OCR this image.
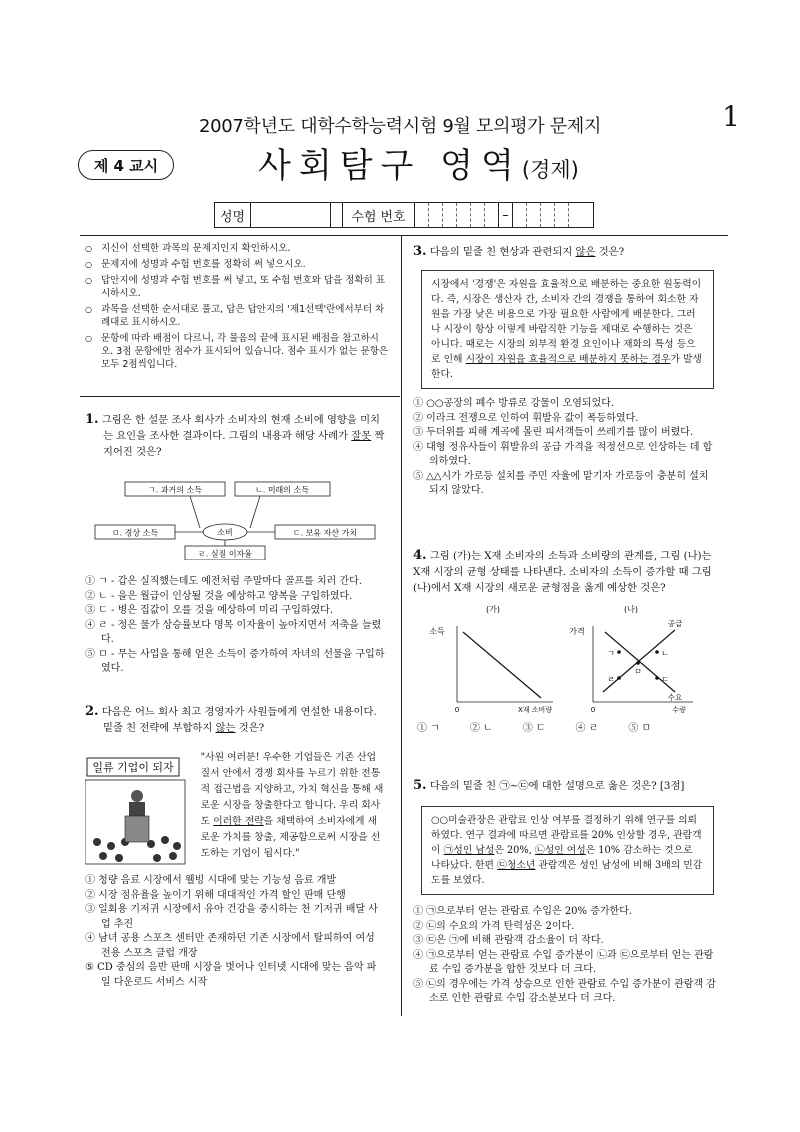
2007학년도 대학수학능력시험 9월 모의평가 문제지	1
제 4 교시	사회탐구 영역(경제)
성명	수험 번호	–
○ 지신이 선택한 과목의 문제지인지 확인하시오.
○ 문제지에 성명과 수험 번호를 정확히 써 넣으시오.
○ 답안지에 성명과 수험 번호를 써 넣고, 또 수험 번호와 답을 정확히 표시하시오.
○ 과목을 선택한 순서대로 풀고, 답은 답안지의 '제1선택'란에서부터 차례대로 표시하시오.
○ 문항에 따라 배점이 다르니, 각 물음의 끝에 표시된 배점을 참고하시오. 3점 문항에만 점수가 표시되어 있습니다. 점수 표시가 없는 문항은 모두 2점씩입니다.
1. 그림은 한 설문 조사 회사가 소비자의 현재 소비에 영향을 미치는 요인을 조사한 결과이다. 그림의 내용과 해당 사례가 잘못 짝지어진 것은?
ㄱ. 과거의 소득	ㄴ. 미래의 소득
소비
ㅁ. 경상 소득	ㄷ. 보유 자산 가치
ㄹ. 실질 이자율
① ㄱ - 갑은 실직했는데도 예전처럼 주말마다 골프를 치러 간다.
② ㄴ - 을은 월급이 인상될 것을 예상하고 양복을 구입하였다.
③ ㄷ - 병은 집값이 오를 것을 예상하여 미리 구입하였다.
④ ㄹ - 정은 물가 상승률보다 명목 이자율이 높아지면서 저축을 늘렸다.
⑤ ㅁ - 무는 사업을 통해 얻은 소득이 증가하여 자녀의 선물을 구입하였다.
2. 다음은 어느 회사 최고 경영자가 사원들에게 연설한 내용이다. 밑줄 친 전략에 부합하지 않는 것은?
일류 기업이 되자
"사원 여러분! 우수한 기업들은 기존 산업 질서 안에서 경쟁 회사를 누르기 위한 전통적 접근법을 지양하고, 가치 혁신을 통해 새로운 시장을 창출한다고 합니다. 우리 회사도 이러한 전략을 채택하여 소비자에게 새로운 가치를 창출, 제공함으로써 시장을 선도하는 기업이 됩시다."
① 청량 음료 시장에서 웰빙 시대에 맞는 기능성 음료 개발
② 시장 점유율을 높이기 위해 대대적인 가격 할인 판매 단행
③ 일회용 기저귀 시장에서 유아 건강을 중시하는 천 기저귀 배달 사업 추진
④ 남녀 공용 스포츠 센터만 존재하던 기존 시장에서 탈피하여 여성 전용 스포츠 클럽 개장
⑤ CD 중심의 음반 판매 시장을 벗어나 인터넷 시대에 맞는 음악 파일 다운로드 서비스 시작
3. 다음의 밑줄 친 현상과 관련되지 않은 것은?
시장에서 '경쟁'은 자원을 효율적으로 배분하는 중요한 원동력이다. 즉, 시장은 생산자 간, 소비자 간의 경쟁을 통하여 회소한 자원을 가장 낮은 비용으로 가장 필요한 사람에게 배분한다. 그러나 시장이 항상 이렇게 바람직한 기능을 제대로 수행하는 것은 아니다. 때로는 시장의 외부적 환경 요인이나 재화의 특성 등으로 인해 시장이 자원을 효율적으로 배분하지 못하는 경우가 발생한다.
① ○○공장의 폐수 방류로 강물이 오염되었다.
② 이라크 전쟁으로 인하여 휘발유 값이 폭등하였다.
③ 두더위를 피해 계곡에 몰린 피서객들이 쓰레기를 많이 버렸다.
④ 대형 정유사들이 휘발유의 공급 가격을 적정선으로 인상하는 데 합의하였다.
⑤ △△시가 가로등 설치를 주민 자율에 맡기자 가로등이 충분히 설치되지 않았다.
4. 그림 (가)는 X재 소비자의 소득과 소비량의 관계를, 그림 (나)는 X재 시장의 균형 상태를 나타낸다. 소비자의 소득이 증가할 때 그림 (나)에서 X재 시장의 새로운 균형점을 옳게 예상한 것은?
(가)
소득
0	X재 소비량
(나)
가격
공급
수요
ㄱ	ㄴ
ㄷ
ㄹ
ㅁ
0	수량
① ㄱ	② ㄴ	③ ㄷ	④ ㄹ	⑤ ㅁ
5. 다음의 밑줄 친 ㉠~㉢에 대한 설명으로 옳은 것은? [3점]
○○미술관장은 관람료 인상 여부를 결정하기 위해 연구를 의뢰하였다. 연구 결과에 따르면 관람료를 20% 인상할 경우, 관람객이 ㉠성인 남성은 20%, ㉡성인 여성은 10% 감소하는 것으로 나타났다. 한편 ㉢청소년 관람객은 성인 남성에 비해 3배의 민감도를 보였다.
① ㉠으로부터 얻는 관람료 수입은 20% 증가한다.
② ㉡의 수요의 가격 탄력성은 2이다.
③ ㉢은 ㉠에 비해 관람객 감소율이 더 작다.
④ ㉠으로부터 얻는 관람료 수입 증가분이 ㉡과 ㉢으로부터 얻는 관람료 수입 증가분을 합한 것보다 더 크다.
⑤ ㉡의 경우에는 가격 상승으로 인한 관람료 수입 증가분이 관람객 감소로 인한 관람료 수입 감소분보다 더 크다.
